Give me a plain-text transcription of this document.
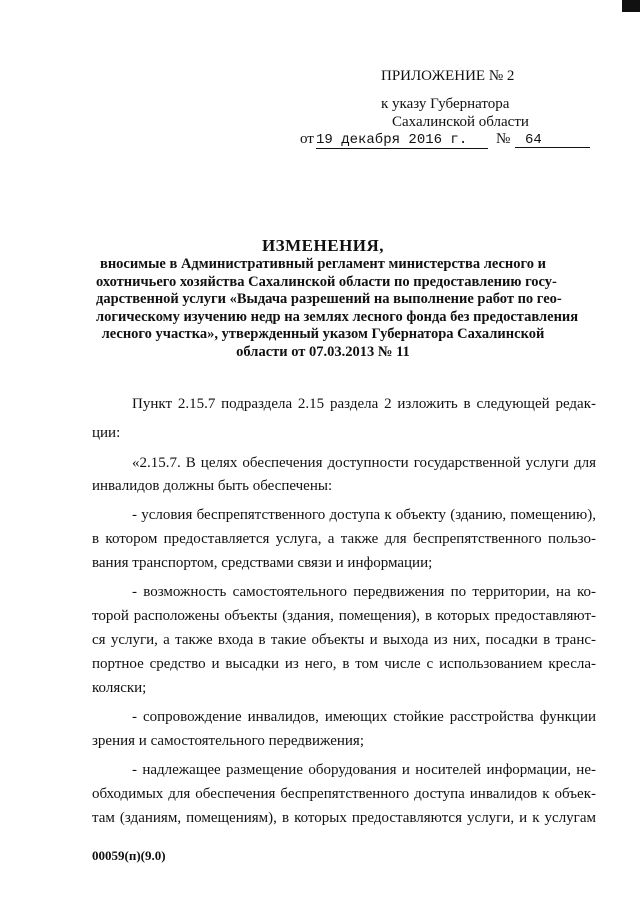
ПРИЛОЖЕНИЕ № 2
к указу Губернатора
Сахалинской области
от 19 декабря 2016 г.	№	64
ИЗМЕНЕНИЯ,
вносимые в Административный регламент министерства лесного и
охотничьего хозяйства Сахалинской области по предоставлению госу-
дарственной услуги «Выдача разрешений на выполнение работ по гео-
логическому изучению недр на землях лесного фонда без предоставления
лесного участка», утвержденный указом Губернатора Сахалинской
области от 07.03.2013 № 11
Пункт 2.15.7 подраздела 2.15 раздела 2 изложить в следующей редак-
ции:
«2.15.7. В целях обеспечения доступности государственной услуги для
инвалидов должны быть обеспечены:
- условия беспрепятственного доступа к объекту (зданию, помещению),
в котором предоставляется услуга, а также для беспрепятственного пользо-
вания транспортом, средствами связи и информации;
- возможность самостоятельного передвижения по территории, на ко-
торой расположены объекты (здания, помещения), в которых предоставляют-
ся услуги, а также входа в такие объекты и выхода из них, посадки в транс-
портное средство и высадки из него, в том числе с использованием кресла-
коляски;
- сопровождение инвалидов, имеющих стойкие расстройства функции
зрения и самостоятельного передвижения;
- надлежащее размещение оборудования и носителей информации, не-
обходимых для обеспечения беспрепятственного доступа инвалидов к объек-
там (зданиям, помещениям), в которых предоставляются услуги, и к услугам
00059(п)(9.0)
